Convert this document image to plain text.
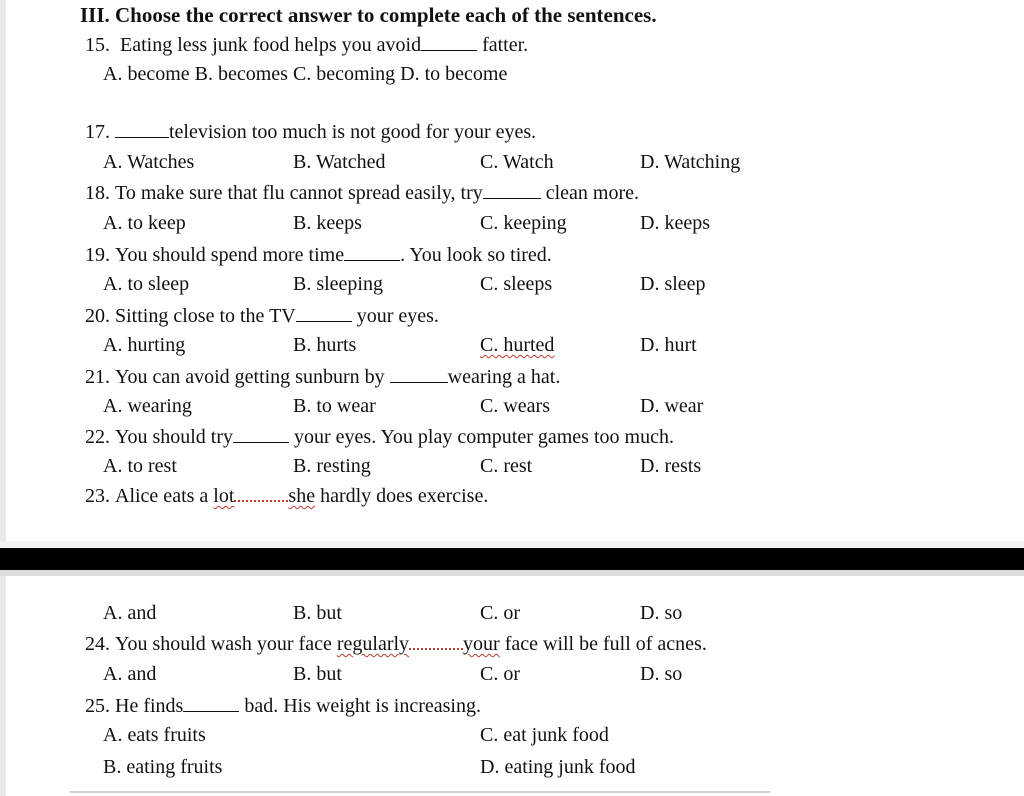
III. Choose the correct answer to complete each of the sentences.
15. Eating less junk food helps you avoid	fatter.
A. become B. becomes C. becoming D. to become
17.	television too much is not good for your eyes.
A. Watches	B. Watched	C. Watch	D. Watching
18. To make sure that flu cannot spread easily, try	clean more.
A. to keep	B. keeps	C. keeping	D. keeps
19. You should spend more time	. You look so tired.
A. to sleep	B. sleeping	C. sleeps	D. sleep
20. Sitting close to the TV	your eyes.
A. hurting	B. hurts	C. hurted	D. hurt
21. You can avoid getting sunburn by	wearing a hat.
A. wearing	B. to wear	C. wears	D. wear
22. You should try	your eyes. You play computer games too much.
A. to rest	B. resting	C. rest	D. rests
23. Alice eats a lot	she hardly does exercise.
A. and	B. but	C. or	D. so
24. You should wash your face regularly	your face will be full of acnes.
A. and	B. but	C. or	D. so
25. He finds	bad. His weight is increasing.
A. eats fruits	C. eat junk food
B. eating fruits	D. eating junk food
